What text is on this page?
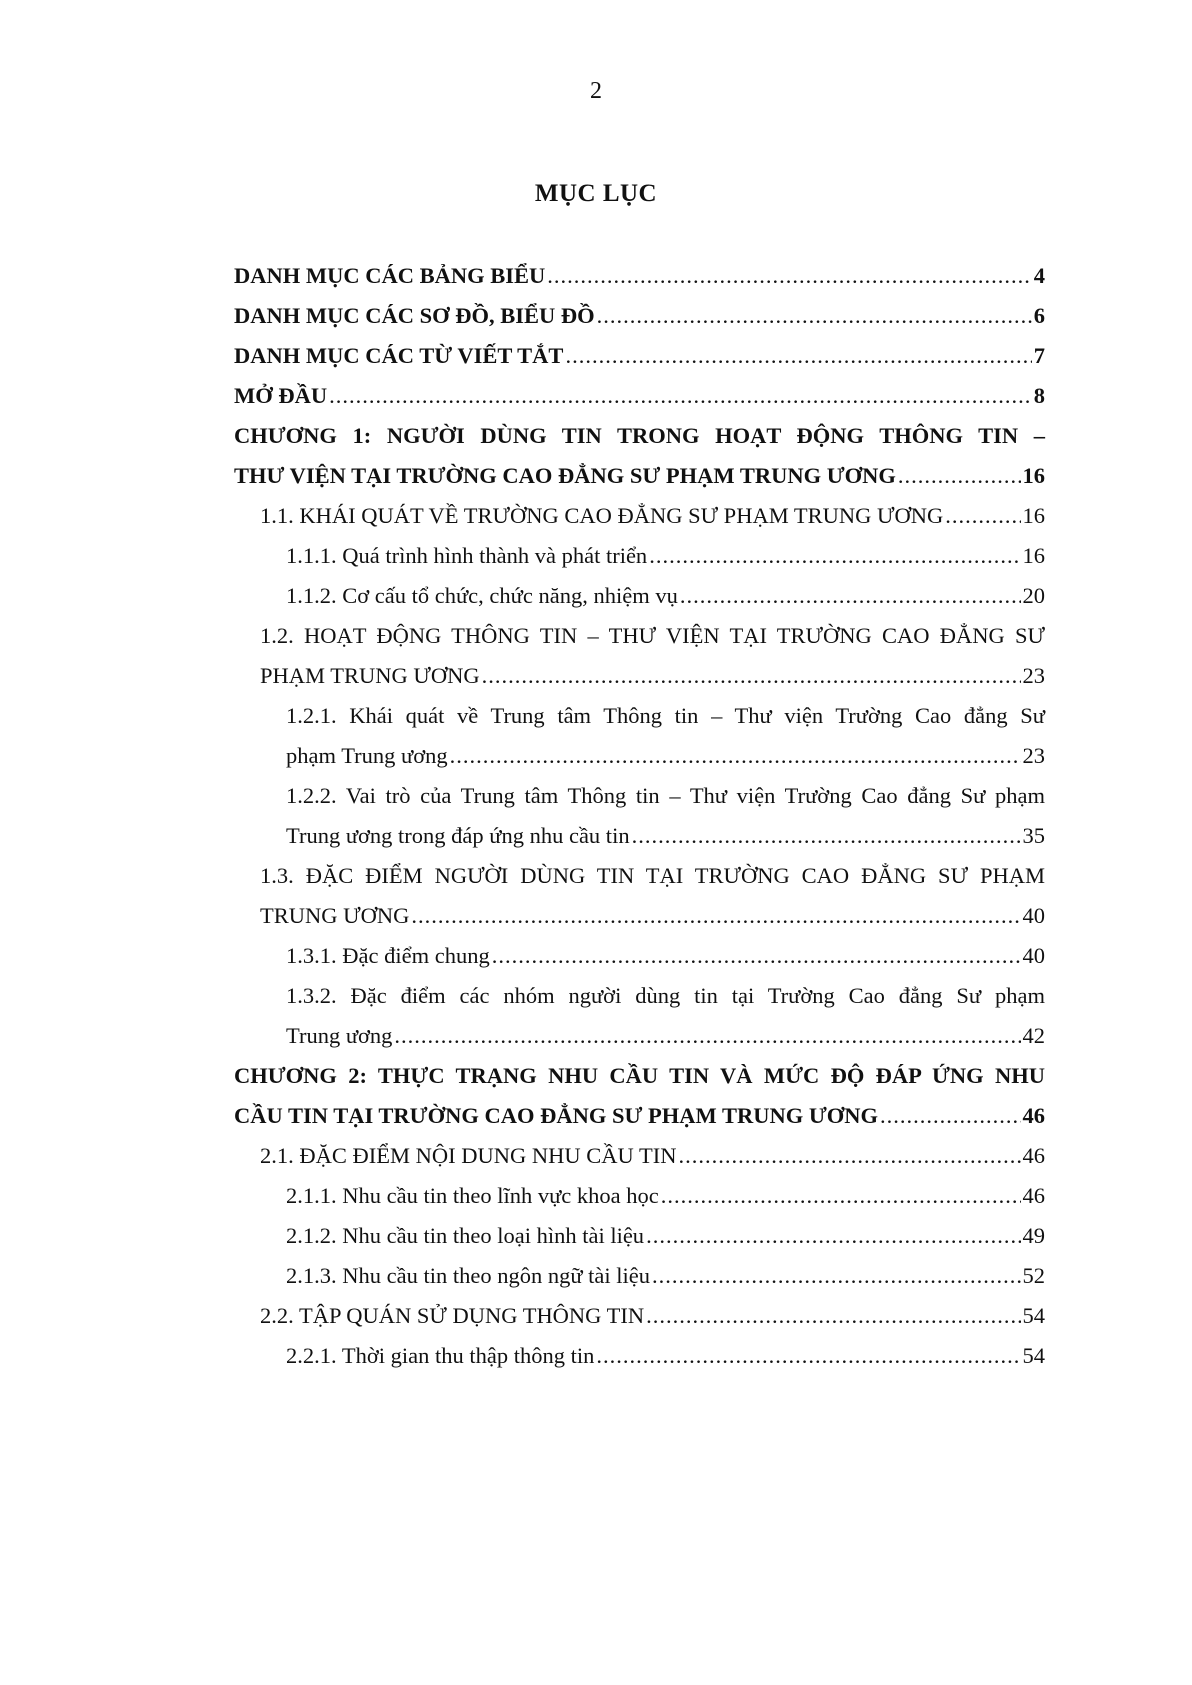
2
MỤC LỤC
DANH MỤC CÁC BẢNG BIỂU .....	4
DANH MỤC CÁC SƠ ĐỒ, BIỂU ĐỒ .....	6
DANH MỤC CÁC TỪ VIẾT TẮT .....	7
MỞ ĐẦU .....	8
CHƯƠNG 1: NGƯỜI DÙNG TIN TRONG HOẠT ĐỘNG THÔNG TIN –
THƯ VIỆN TẠI TRƯỜNG CAO ĐẲNG SƯ PHẠM TRUNG ƯƠNG .....	16
1.1. KHÁI QUÁT VỀ TRƯỜNG CAO ĐẲNG SƯ PHẠM TRUNG ƯƠNG .....	16
1.1.1. Quá trình hình thành và phát triển .....	16
1.1.2. Cơ cấu tổ chức, chức năng, nhiệm vụ .....	20
1.2. HOẠT ĐỘNG THÔNG TIN – THƯ VIỆN TẠI TRƯỜNG CAO ĐẲNG SƯ
PHẠM TRUNG ƯƠNG .....	23
1.2.1. Khái quát về Trung tâm Thông tin – Thư viện Trường Cao đẳng Sư
phạm Trung ương .....	23
1.2.2. Vai trò của Trung tâm Thông tin – Thư viện Trường Cao đẳng Sư phạm
Trung ương trong đáp ứng nhu cầu tin .....	35
1.3. ĐẶC ĐIỂM NGƯỜI DÙNG TIN TẠI TRƯỜNG CAO ĐẲNG SƯ PHẠM
TRUNG ƯƠNG .....	40
1.3.1. Đặc điểm chung .....	40
1.3.2. Đặc điểm các nhóm người dùng tin tại Trường Cao đẳng Sư phạm
Trung ương .....	42
CHƯƠNG 2: THỰC TRẠNG NHU CẦU TIN VÀ MỨC ĐỘ ĐÁP ỨNG NHU
CẦU TIN TẠI TRƯỜNG CAO ĐẲNG SƯ PHẠM TRUNG ƯƠNG .....	46
2.1. ĐẶC ĐIỂM NỘI DUNG NHU CẦU TIN .....	46
2.1.1. Nhu cầu tin theo lĩnh vực khoa học .....	46
2.1.2. Nhu cầu tin theo loại hình tài liệu .....	49
2.1.3. Nhu cầu tin theo ngôn ngữ tài liệu .....	52
2.2. TẬP QUÁN SỬ DỤNG THÔNG TIN .....	54
2.2.1. Thời gian thu thập thông tin .....	54
